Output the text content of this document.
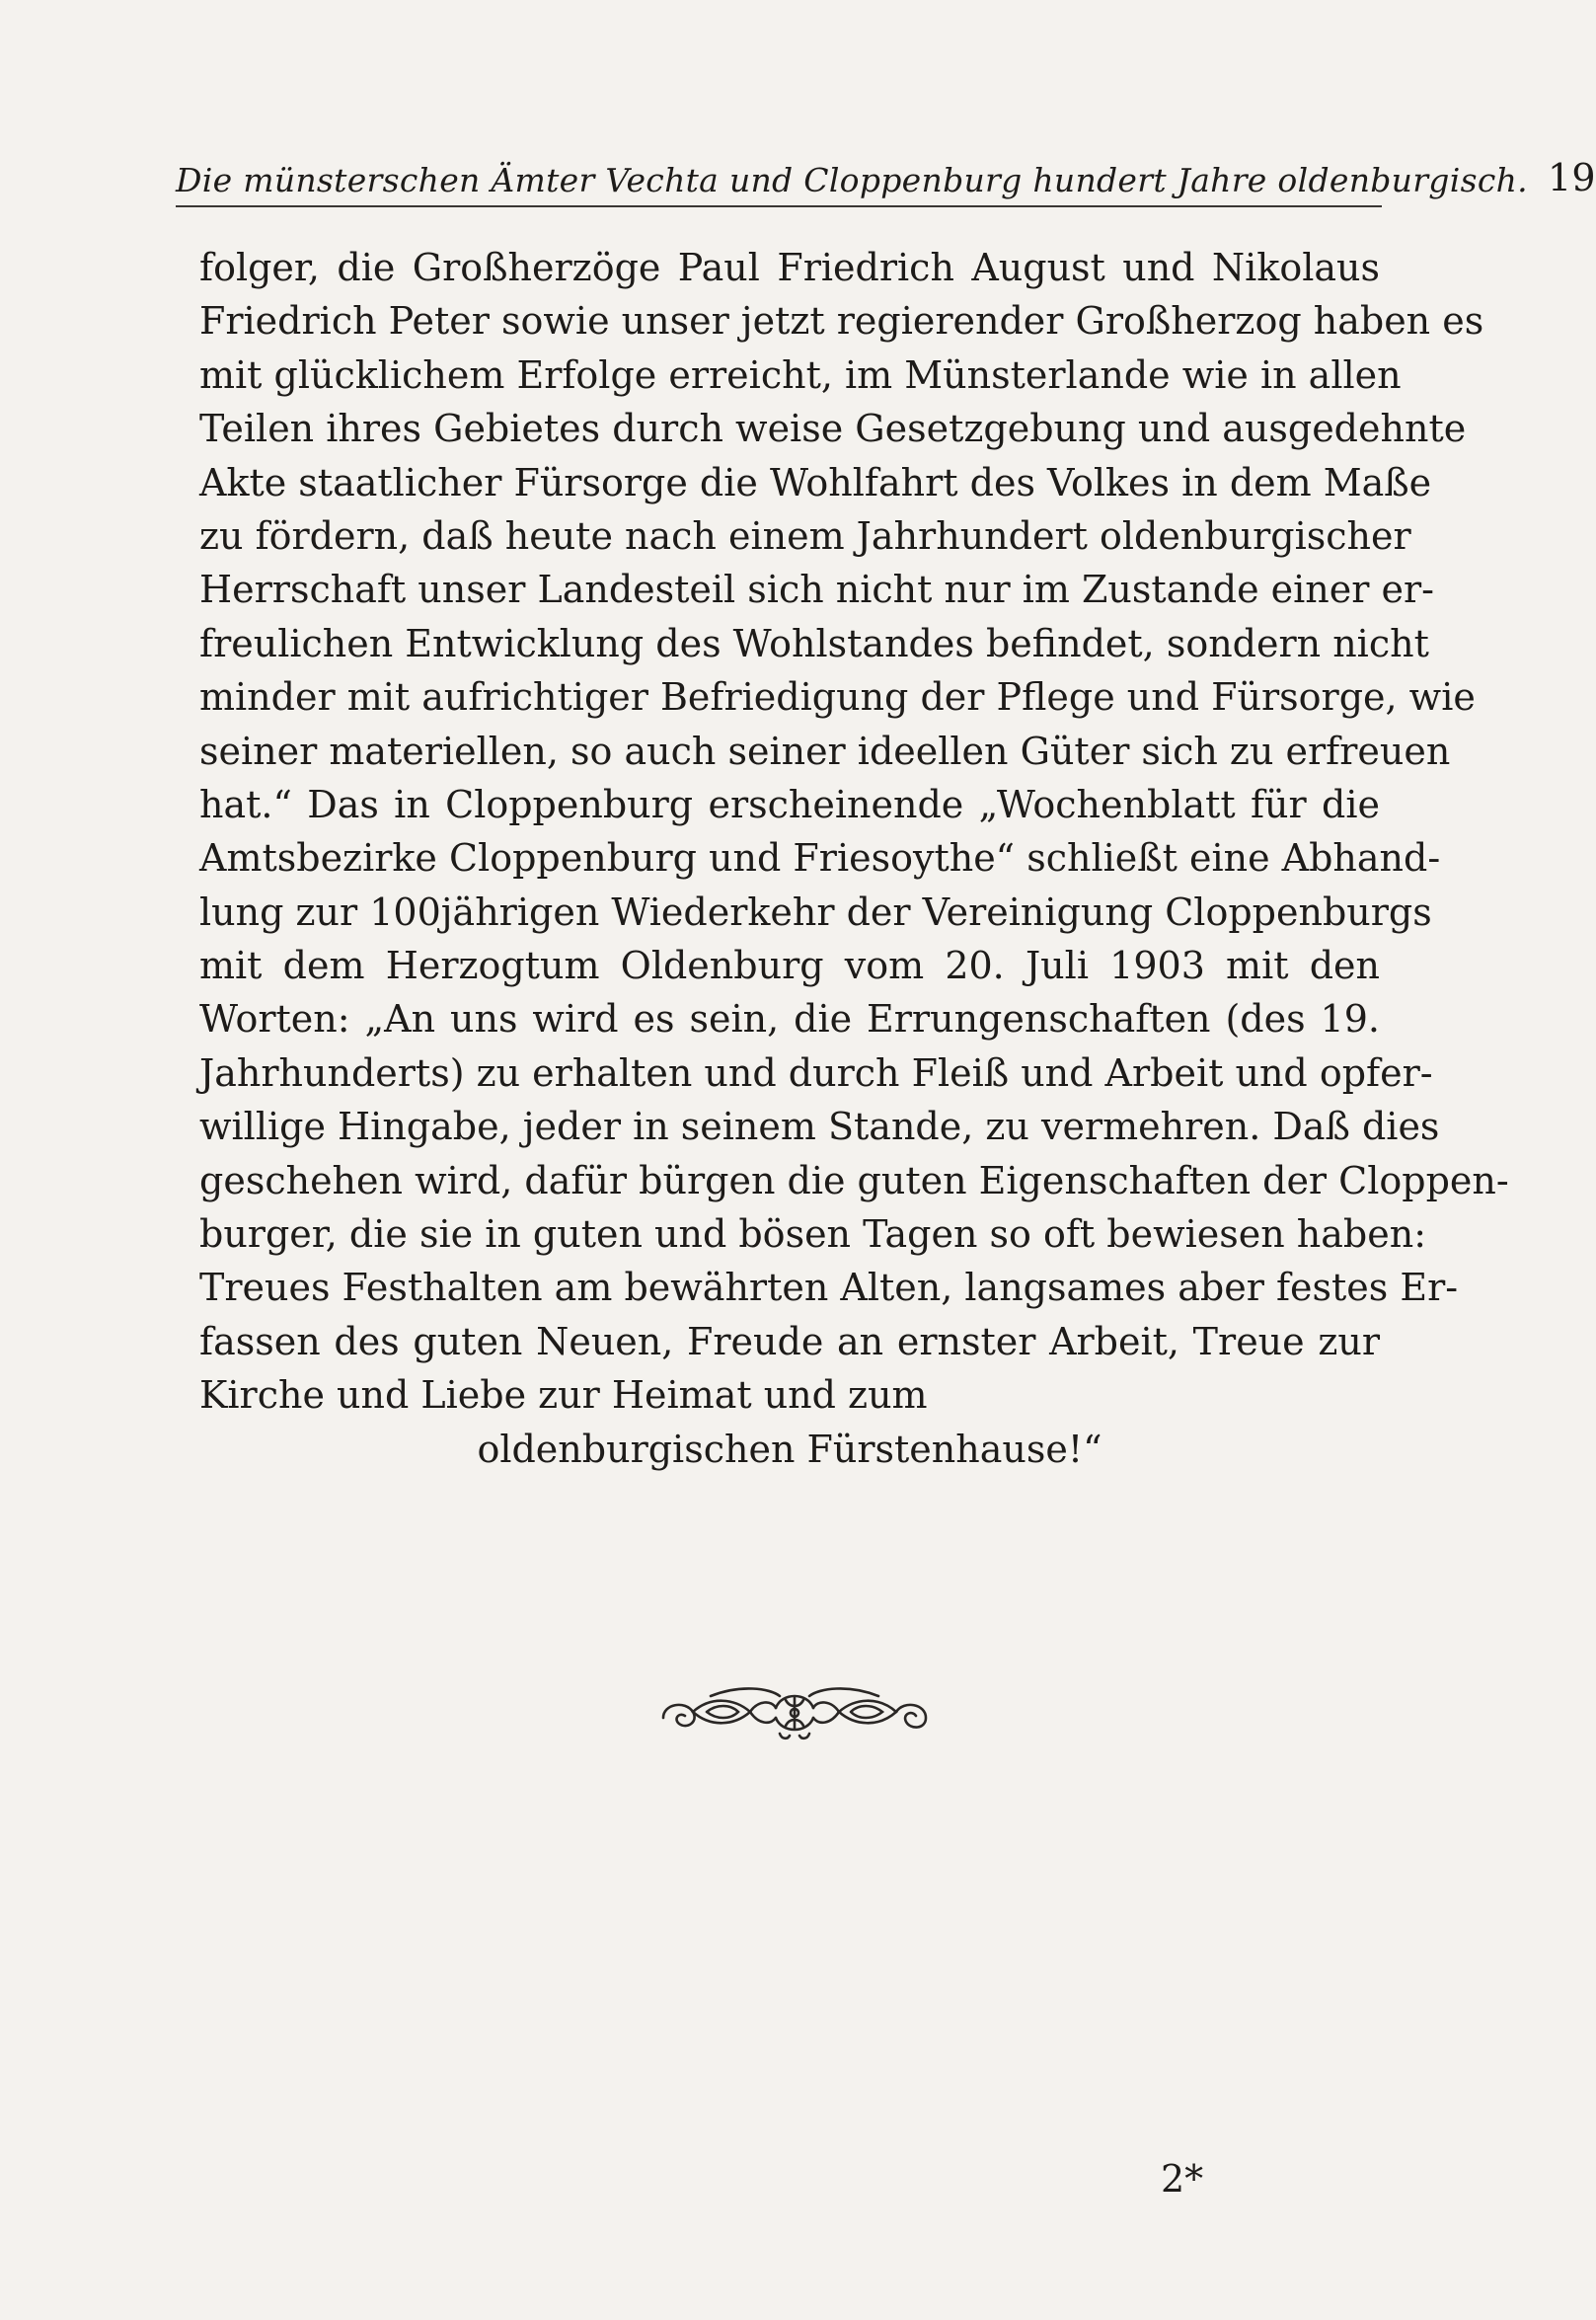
Die münsterschen Ämter Vechta und Cloppenburg hundert Jahre oldenburgisch. 19
folger, die Großherzöge Paul Friedrich August und Nikolaus
Friedrich Peter sowie unser jetzt regierender Großherzog haben es
mit glücklichem Erfolge erreicht, im Münsterlande wie in allen
Teilen ihres Gebietes durch weise Gesetzgebung und ausgedehnte
Akte staatlicher Fürsorge die Wohlfahrt des Volkes in dem Maße
zu fördern, daß heute nach einem Jahrhundert oldenburgischer
Herrschaft unser Landesteil sich nicht nur im Zustande einer er-
freulichen Entwicklung des Wohlstandes befindet, sondern nicht
minder mit aufrichtiger Befriedigung der Pflege und Fürsorge, wie
seiner materiellen, so auch seiner ideellen Güter sich zu erfreuen
hat.“ Das in Cloppenburg erscheinende „Wochenblatt für die
Amtsbezirke Cloppenburg und Friesoythe“ schließt eine Abhand-
lung zur 100jährigen Wiederkehr der Vereinigung Cloppenburgs
mit dem Herzogtum Oldenburg vom 20. Juli 1903 mit den
Worten: „An uns wird es sein, die Errungenschaften (des 19.
Jahrhunderts) zu erhalten und durch Fleiß und Arbeit und opfer-
willige Hingabe, jeder in seinem Stande, zu vermehren. Daß dies
geschehen wird, dafür bürgen die guten Eigenschaften der Cloppen-
burger, die sie in guten und bösen Tagen so oft bewiesen haben:
Treues Festhalten am bewährten Alten, langsames aber festes Er-
fassen des guten Neuen, Freude an ernster Arbeit, Treue zur
Kirche und Liebe zur Heimat und zum
oldenburgischen Fürstenhause!“
2*
